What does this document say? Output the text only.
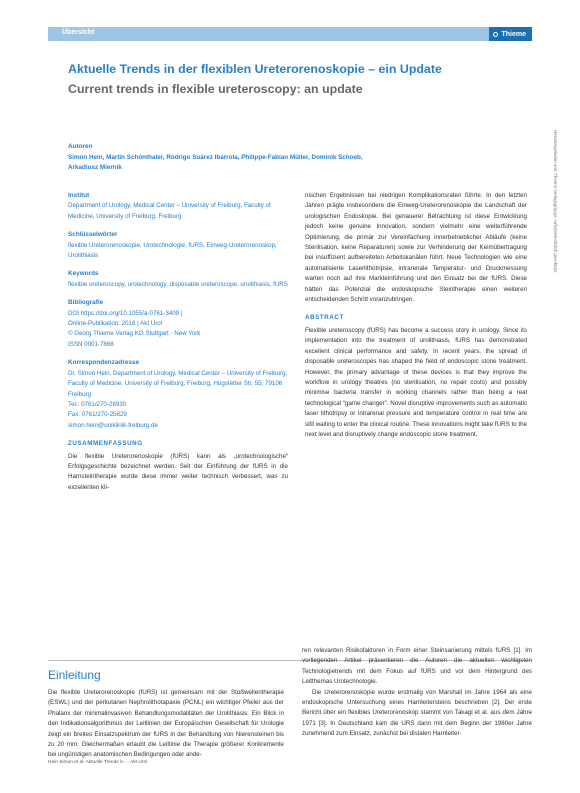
Übersicht	Thieme
Aktuelle Trends in der flexiblen Ureterorenoskopie – ein Update
Current trends in flexible ureteroscopy: an update
Autoren
Simon Hein, Martin Schönthaler, Rodrigo Suárez Ibarrola, Philippe-Fabian Müller, Dominik Schoeb,
Arkadiusz Miernik
Institut
Department of Urology, Medical Center – University of Freiburg, Faculty of Medicine, University of Freiburg, Freiburg
Schlüsselwörter
flexible Ureterorenoskopie, Urotechnologie, fURS, Einweg-Ureterorenoskop, Urolithiasis
Keywords
flexible ureteroscopy, urotechnology, disposable ureteroscope, urolithiasis, fURS
Bibliografie
DOI https://doi.org/10.1055/a-0761-3409 |
Online-Publikation: 2018 | Akt Urol
© Georg Thieme Verlag KG Stuttgart · New York
ISSN 0001-7868
Korrespondenzadresse
Dr. Simon Hein, Department of Urology, Medical Center – University of Freiburg, Faculty of Medicine, University of Freiburg, Freiburg, Hugstetter Str. 55, 79106 Freiburg
Tel.: 0761/270-28930
Fax: 0761/270-25829
simon.hein@uniklinik-freiburg.de
ZUSAMMENFASSUNG
Die flexible Ureterorenoskopie (fURS) kann als „urotechnologische“ Erfolgsgeschichte bezeichnet werden. Seit der Einführung der fURS in die Harnsteintherapie wurde diese immer weiter technisch verbessert, was zu exzellenten kli-
nischen Ergebnissen bei niedrigen Komplikationsraten führte. In den letzten Jahren prägte insbesondere die Einweg-Ureterorenoskopie die Landschaft der urologischen Endoskopie. Bei genauerer Betrachtung ist diese Entwicklung jedoch keine genuine Innovation, sondern vielmehr eine weiterführende Optimierung, die primär zur Vereinfachung innerbetrieblicher Abläufe (keine Sterilisation, keine Reparaturen) sowie zur Verhinderung der Keimübertragung bei insuffizient aufbereiteten Arbeitskanälen führt. Neue Technologien wie eine automatisierte Laserlithotripsie, intrarenale Temperatur- und Druckmessung warten noch auf ihre Markteinführung und den Einsatz bei der fURS. Diese hätten das Potenzial die endoskopische Steintherapie einen weiteren entscheidenden Schritt voranzubringen.
ABSTRACT
Flexible ureteroscopy (fURS) has become a success story in urology. Since its implementation into the treatment of urolithiasis, fURS has demonstrated excellent clinical performance and safety. In recent years, the spread of disposable ureteroscopes has shaped the field of endoscopic stone treatment. However, the primary advantage of these devices is that they improve the workflow in urology theatres (no sterilisation, no repair costs) and possibly minimise bacteria transfer in working channels rather than being a real technological “game changer”. Novel disruptive improvements such as automatic laser lithotripsy or intrarenal pressure and temperature control in real time are still waiting to enter the clinical routine. These innovations might take fURS to the next level and disruptively change endoscopic stone treatment.
Einleitung
Die flexible Ureterorenoskopie (fURS) ist gemeinsam mit der Stoßwellentherapie (ESWL) und der perkutanen Nephrolithotapaxie (PCNL) ein wichtiger Pfeiler aus der Phalanx der minimalinvasiven Behandlungsmodalitäten der Urolithiasis. Ein Blick in den Indikationsalgorithmus der Leitlinien der Europäischen Gesellschaft für Urologie zeigt ein breites Einsatzspektrum der fURS in der Behandlung von Nierensteinen bis zu 20 mm. Gleichermaßen erlaubt die Leitlinie die Therapie größerer Konkremente bei ungünstigen anatomischen Bedingungen oder ande-
ren relevanten Risikofaktoren in Form einer Steinsanierung mittels fURS [1]. Im vorliegenden Artikel präsentieren die Autoren die aktuellen wichtigsten Technologietrends mit dem Fokus auf fURS und vor dem Hintergrund des Leitthemas Urotechnologie.
Die Ureterorenoskopie wurde erstmalig von Marshall im Jahre 1964 als eine endoskopische Untersuchung eines Harnleitersteins beschrieben [2]. Der erste Bericht über ein flexibles Ureterorenoskop stammt von Takagi et al. aus dem Jahre 1971 [3]. In Deutschland kam die URS dann mit dem Beginn der 1980er Jahre zunehmend zum Einsatz, zunächst bei distalen Harnleiter-
Hein Simon et al. Aktuelle Trends in ... Akt Urol
Heruntergeladen von: Thieme Verlagsgruppe. Urheberrechtlich geschützt.
